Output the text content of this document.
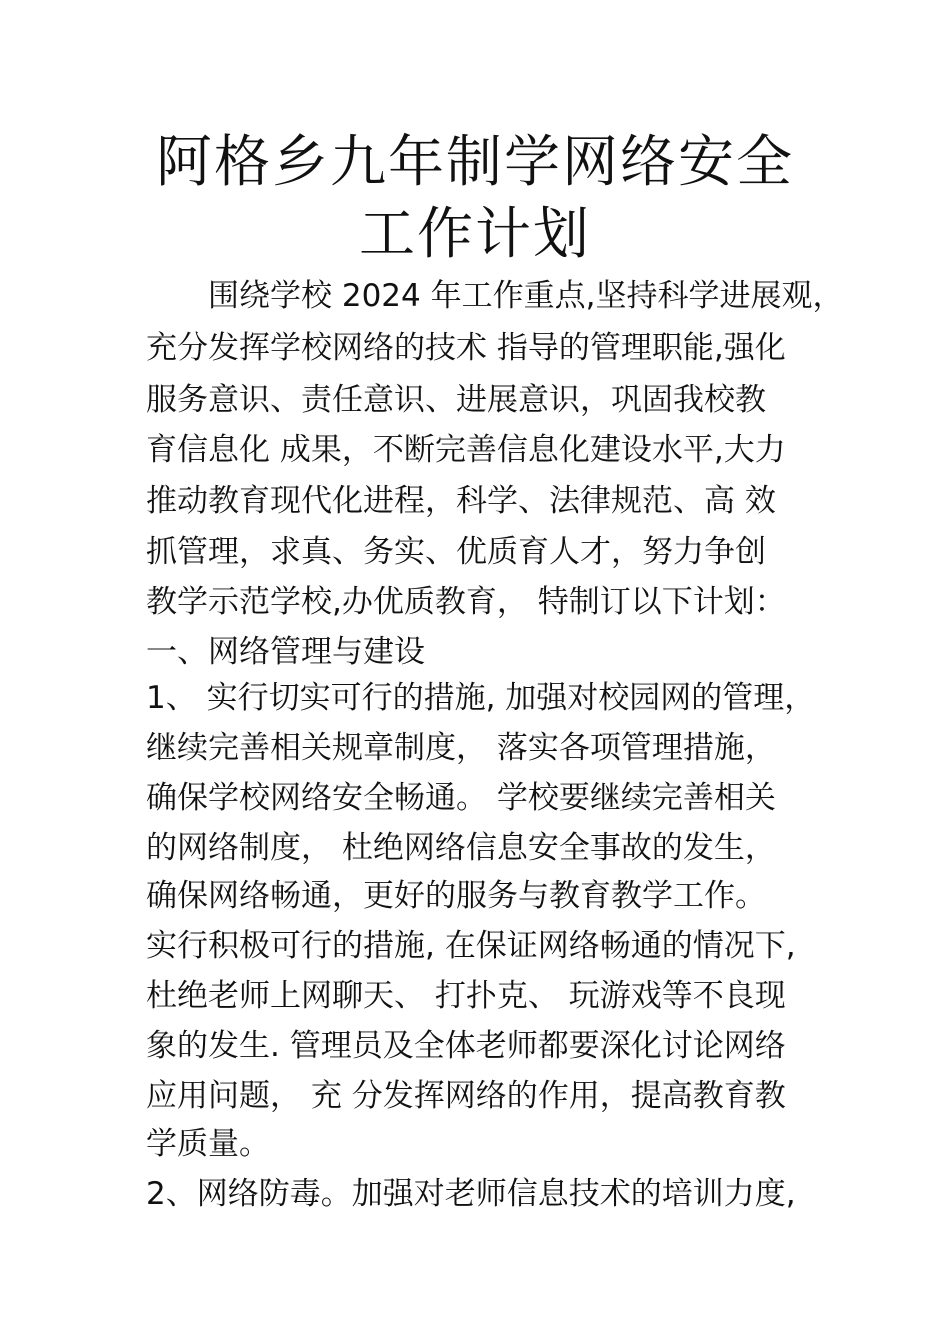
阿格乡九年制学网络安全
工作计划
　　围绕学校 2024 年工作重点,坚持科学进展观，
充分发挥学校网络的技术 指导的管理职能,强化
服务意识、责任意识、进展意识，巩固我校教
育信息化 成果，不断完善信息化建设水平,大力
推动教育现代化进程，科学、法律规范、高 效
抓管理，求真、务实、优质育人才，努力争创
教学示范学校,办优质教育， 特制订以下计划：
一、网络管理与建设
1、 实行切实可行的措施, 加强对校园网的管理，
继续完善相关规章制度， 落实各项管理措施，
确保学校网络安全畅通。 学校要继续完善相关
的网络制度， 杜绝网络信息安全事故的发生，
确保网络畅通，更好的服务与教育教学工作。
实行积极可行的措施, 在保证网络畅通的情况下,
杜绝老师上网聊天、 打扑克、 玩游戏等不良现
象的发生. 管理员及全体老师都要深化讨论网络
应用问题， 充 分发挥网络的作用，提高教育教
学质量。
2、网络防毒。加强对老师信息技术的培训力度,
